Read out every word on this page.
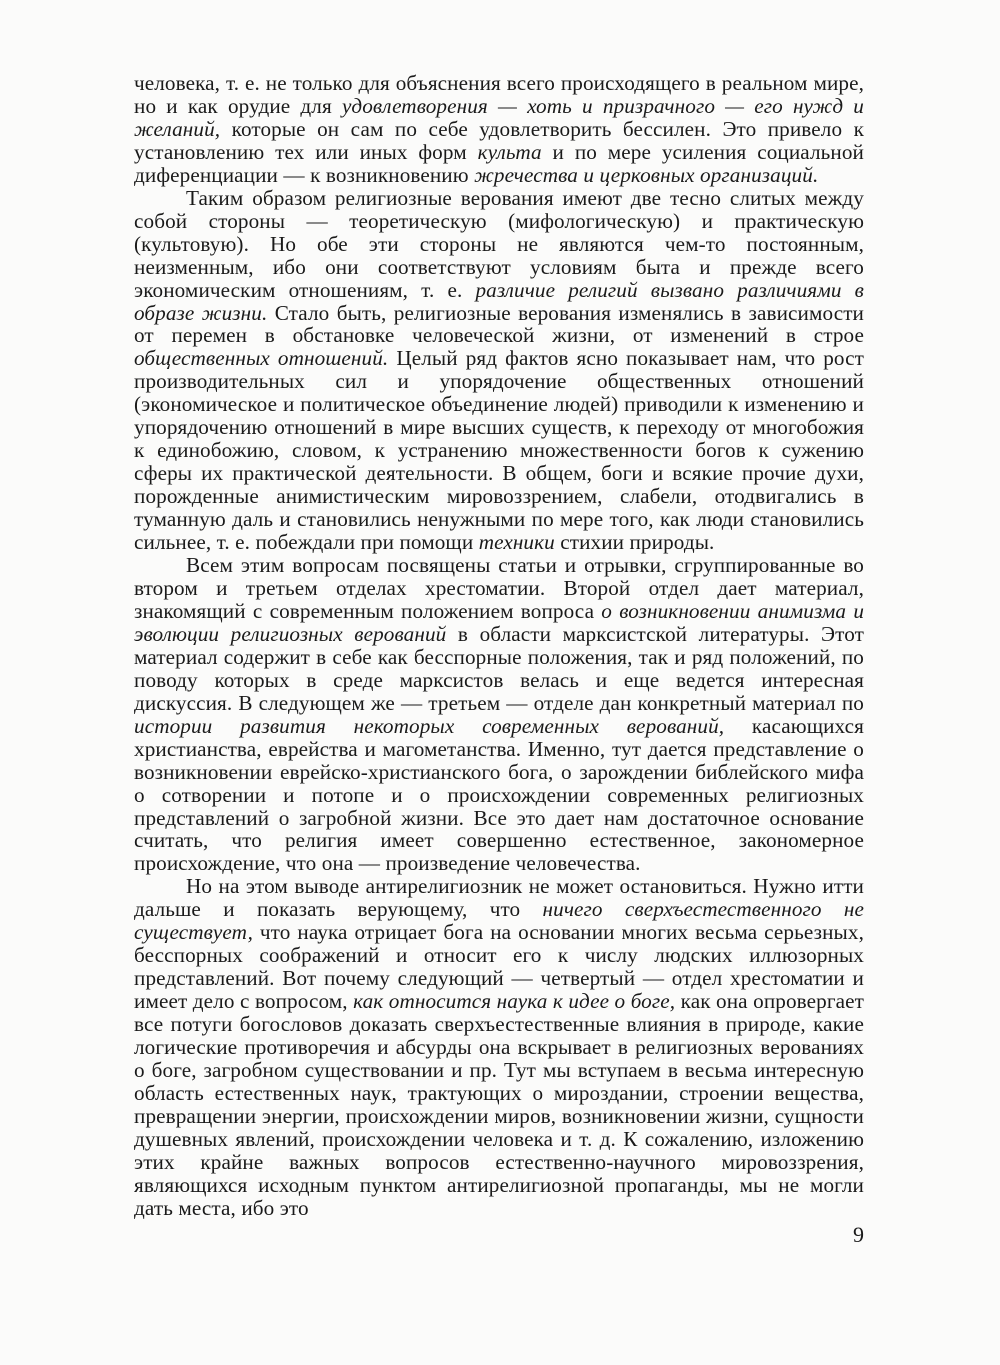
человека, т. е. не только для объяснения всего происходящего в реальном мире, но и как орудие для удовлетворения — хоть и призрачного — его нужд и желаний, которые он сам по себе удовлетворить бессилен. Это привело к установлению тех или иных форм культа и по мере усиления социальной диференциации — к возникновению жречества и церковных организаций.

Таким образом религиозные верования имеют две тесно слитых между собой стороны — теоретическую (мифологическую) и практическую (культовую). Но обе эти стороны не являются чем-то постоянным, неизменным, ибо они соответствуют условиям быта и прежде всего экономическим отношениям, т. е. различие религий вызвано различиями в образе жизни. Стало быть, религиозные верования изменялись в зависимости от перемен в обстановке человеческой жизни, от изменений в строе общественных отношений. Целый ряд фактов ясно показывает нам, что рост производительных сил и упорядочение общественных отношений (экономическое и политическое объединение людей) приводили к изменению и упорядочению отношений в мире высших существ, к переходу от многобожия к единобожию, словом, к устранению множественности богов к сужению сферы их практической деятельности. В общем, боги и всякие прочие духи, порожденные анимистическим мировоззрением, слабели, отодвигались в туманную даль и становились ненужными по мере того, как люди становились сильнее, т. е. побеждали при помощи техники стихии природы.

Всем этим вопросам посвящены статьи и отрывки, сгруппированные во втором и третьем отделах хрестоматии. Второй отдел дает материал, знакомящий с современным положением вопроса о возникновении анимизма и эволюции религиозных верований в области марксистской литературы. Этот материал содержит в себе как бесспорные положения, так и ряд положений, по поводу которых в среде марксистов велась и еще ведется интересная дискуссия. В следующем же — третьем — отделе дан конкретный материал по истории развития некоторых современных верований, касающихся христианства, еврейства и магометанства. Именно, тут дается представление о возникновении еврейско-христианского бога, о зарождении библейского мифа о сотворении и потопе и о происхождении современных религиозных представлений о загробной жизни. Все это дает нам достаточное основание считать, что религия имеет совершенно естественное, закономерное происхождение, что она — произведение человечества.

Но на этом выводе антирелигиозник не может остановиться. Нужно итти дальше и показать верующему, что ничего сверхъестественного не существует, что наука отрицает бога на основании многих весьма серьезных, бесспорных соображений и относит его к числу людских иллюзорных представлений. Вот почему следующий — четвертый — отдел хрестоматии и имеет дело с вопросом, как относится наука к идее о боге, как она опровергает все потуги богословов доказать сверхъестественные влияния в природе, какие логические противоречия и абсурды она вскрывает в религиозных верованиях о боге, загробном существовании и пр. Тут мы вступаем в весьма интересную область естественных наук, трактующих о мироздании, строении вещества, превращении энергии, происхождении миров, возникновении жизни, сущности душевных явлений, происхождении человека и т. д. К сожалению, изложению этих крайне важных вопросов естественно-научного мировоззрения, являющихся исходным пунктом антирелигиозной пропаганды, мы не могли дать места, ибо это

9
